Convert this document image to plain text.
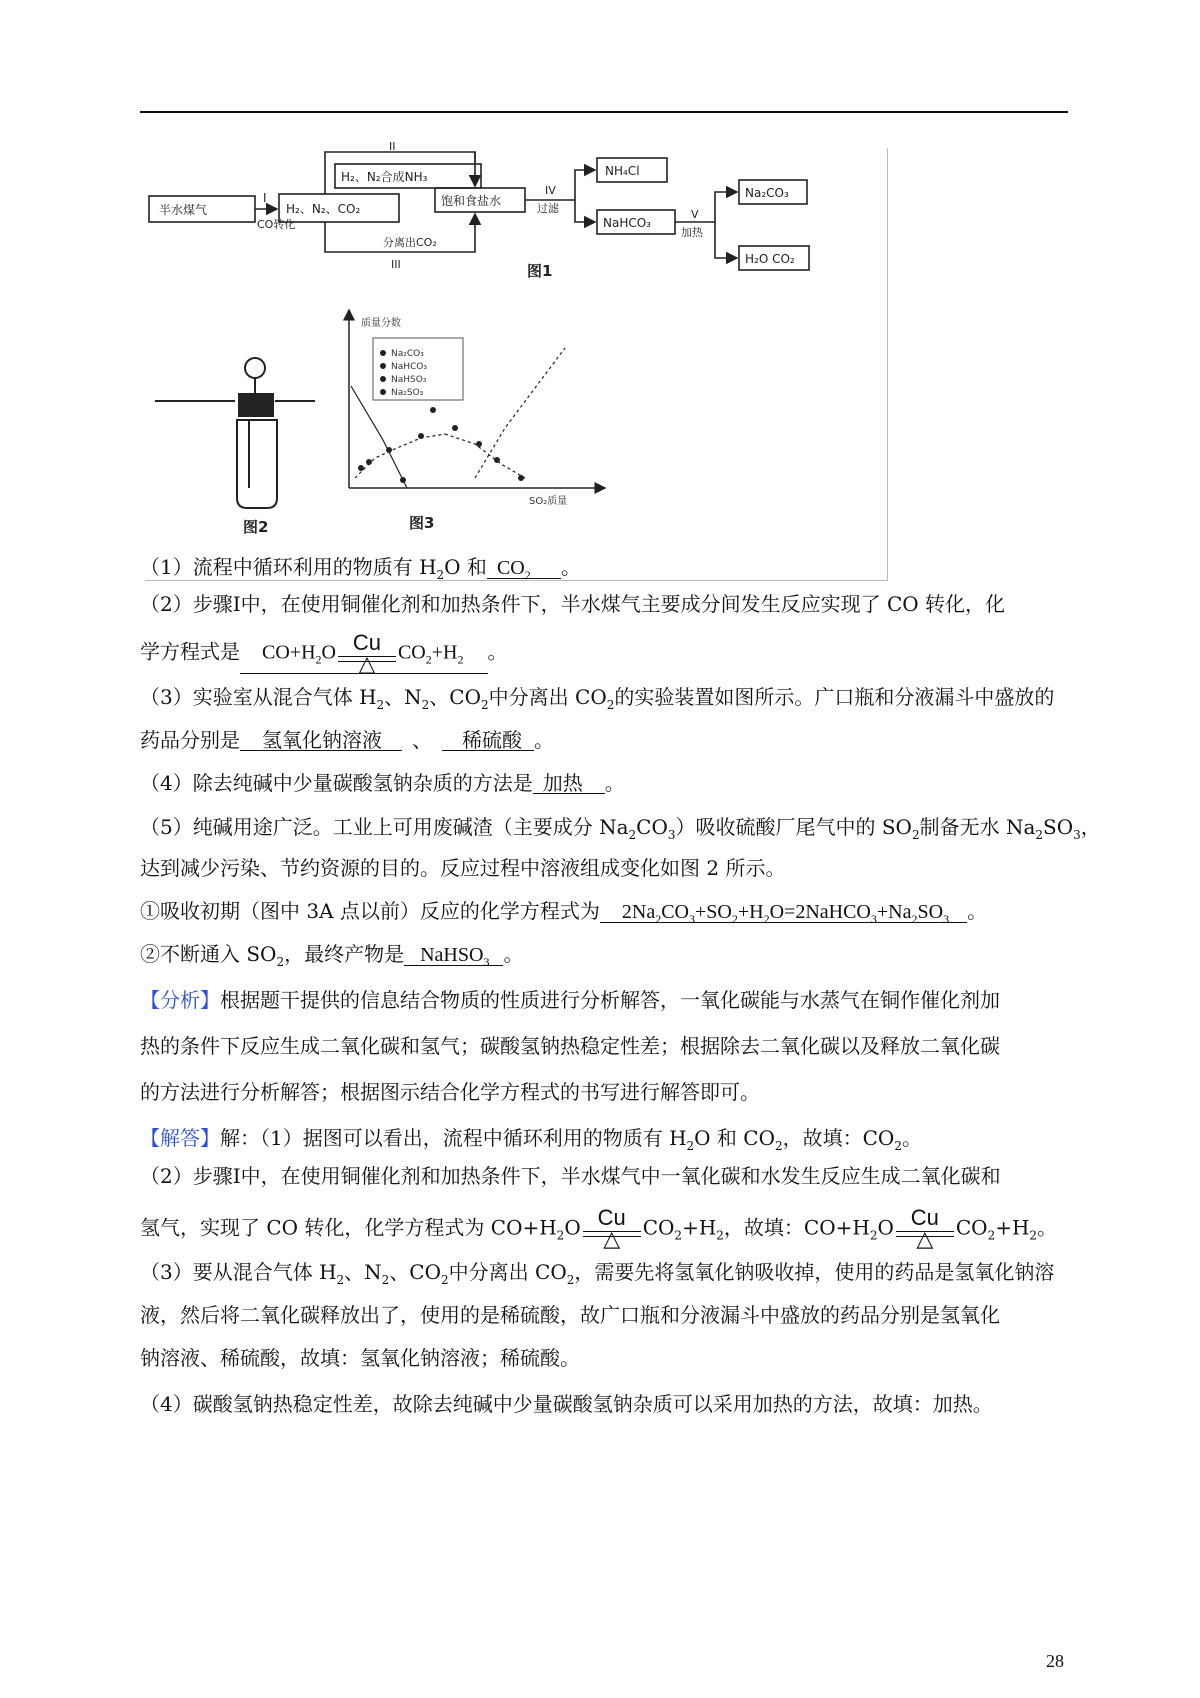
半水煤气	H₂、N₂、CO₂
H₂、N₂合成NH₃
饱和食盐水
NH₄Cl
NaHCO₃
Na₂CO₃
H₂O CO₂
I
CO转化
II
分离出CO₂
III
IV
过滤	V
加热
图1
图2
质量分数
SO₂质量
Na₂CO₃
NaHCO₃
NaHSO₃
Na₂SO₃
图3
（1）流程中循环利用的物质有 $H_2O$ 和 $CO_2$ 。
（2）步骤Ⅰ中，在使用铜催化剂和加热条件下，半水煤气主要成分间发生反应实现了 CO 转化，化
学方程式是 $CO+H_2O$ Cu
△	$CO_2+H_2$ 。
（3）实验室从混合气体 $H_2$、$N_2$、$CO_2$中分离出 $CO_2$的实验装置如图所示。广口瓶和分液漏斗中盛放的
药品分别是 氢氧化钠溶液 、 稀硫酸 。
（4）除去纯碱中少量碳酸氢钠杂质的方法是 加热 。
（5）纯碱用途广泛。工业上可用废碱渣（主要成分 $Na_2CO_3$）吸收硫酸厂尾气中的 $SO_2$制备无水 $Na_2SO_3$，
达到减少污染、节约资源的目的。反应过程中溶液组成变化如图 2 所示。
①吸收初期（图中 3A 点以前）反应的化学方程式为 $2Na_2CO_3+SO_2+H_2O=2NaHCO_3+Na_2SO_3$ 。
②不断通入 $SO_2$，最终产物是 NaHSO$_3$ 。
【分析】根据题干提供的信息结合物质的性质进行分析解答，一氧化碳能与水蒸气在铜作催化剂加
热的条件下反应生成二氧化碳和氢气；碳酸氢钠热稳定性差；根据除去二氧化碳以及释放二氧化碳
的方法进行分析解答；根据图示结合化学方程式的书写进行解答即可。
【解答】解：（1）据图可以看出，流程中循环利用的物质有 $H_2O$ 和 $CO_2$，故填：$CO_2$。
（2）步骤Ⅰ中，在使用铜催化剂和加热条件下，半水煤气中一氧化碳和水发生反应生成二氧化碳和
氢气，实现了 CO 转化，化学方程式为 $CO+H_2O$ Cu
△	$CO_2+H_2$，故填：$CO+H_2O$ Cu
△	$CO_2+H_2$。
（3）要从混合气体 $H_2$、$N_2$、$CO_2$中分离出 $CO_2$，需要先将氢氧化钠吸收掉，使用的药品是氢氧化钠溶
液，然后将二氧化碳释放出了，使用的是稀硫酸，故广口瓶和分液漏斗中盛放的药品分别是氢氧化
钠溶液、稀硫酸，故填：氢氧化钠溶液；稀硫酸。
（4）碳酸氢钠热稳定性差，故除去纯碱中少量碳酸氢钠杂质可以采用加热的方法，故填：加热。
28
